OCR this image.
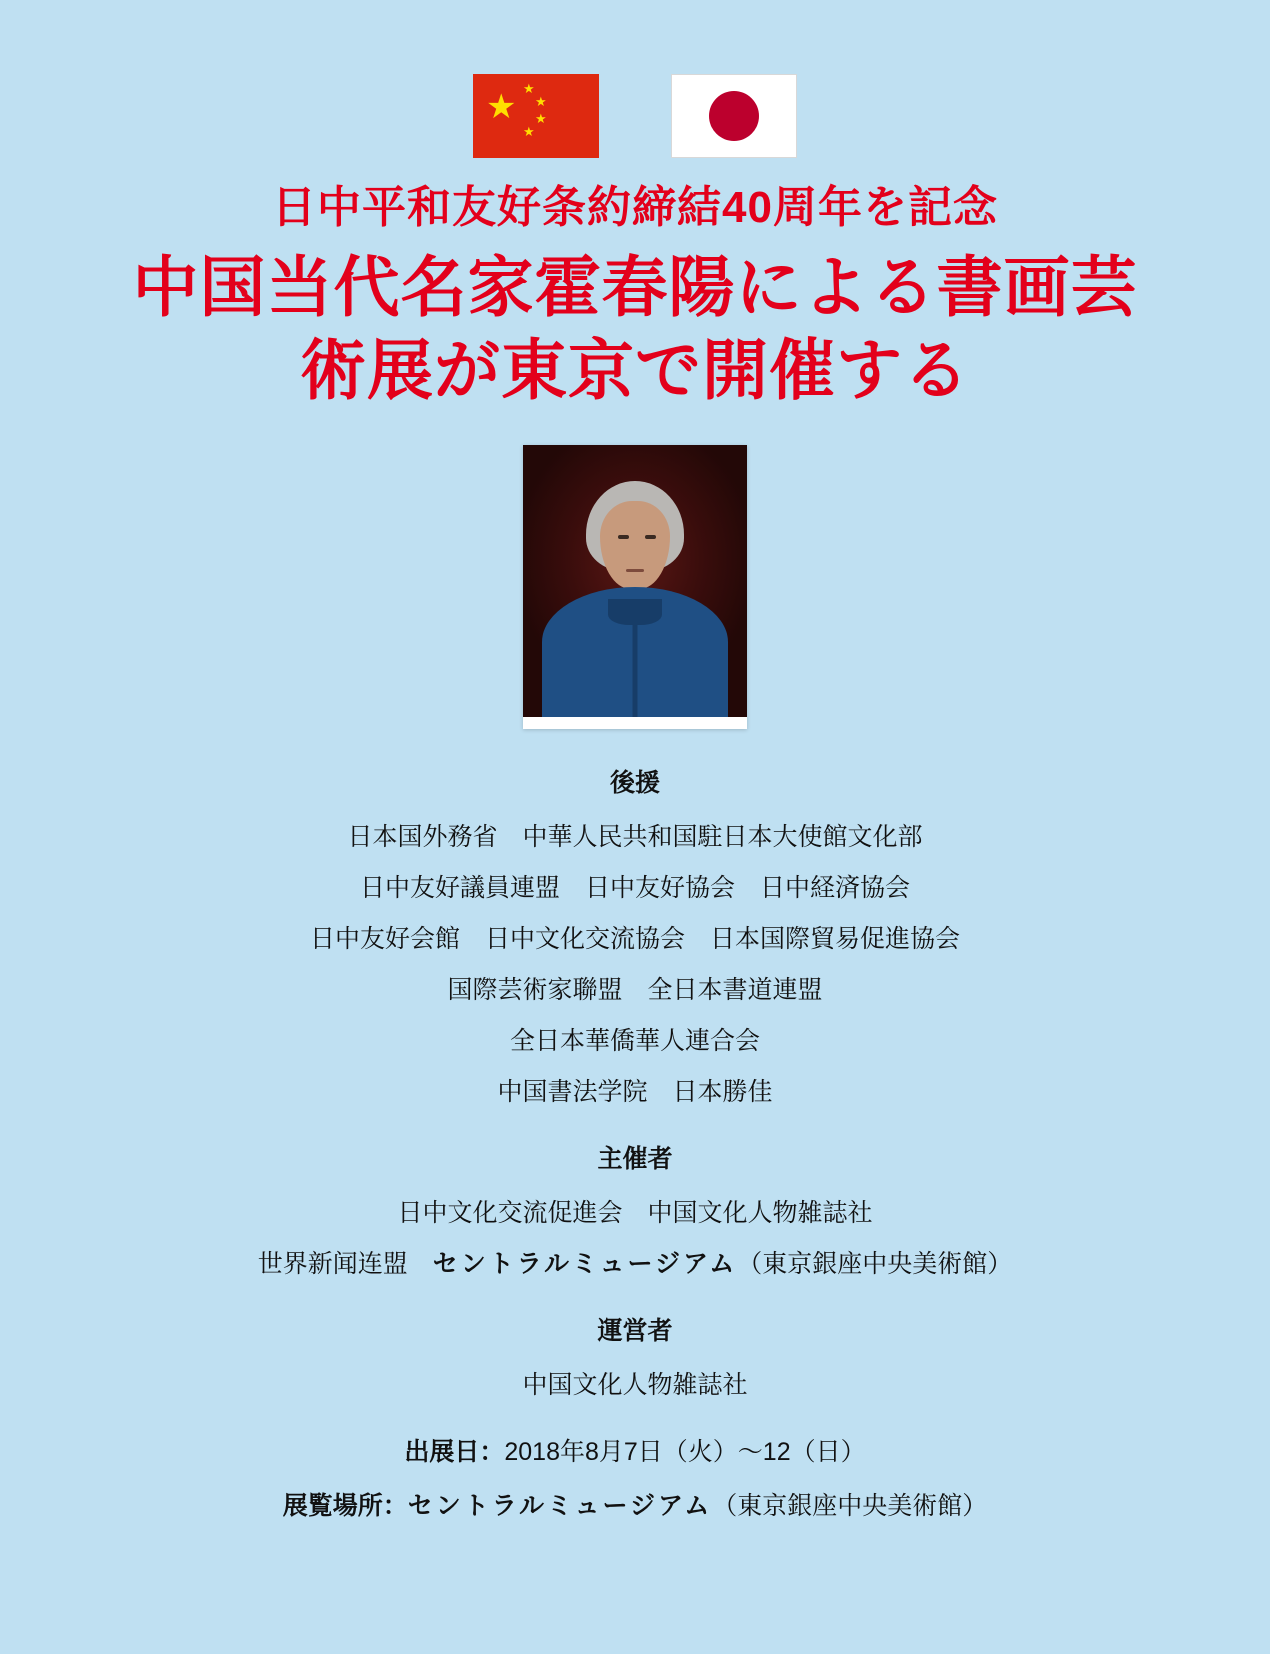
★ ★
★
★
★
日中平和友好条約締結40周年を記念
中国当代名家霍春陽による書画芸
術展が東京で開催する
後援
日本国外務省　中華人民共和国駐日本大使館文化部
日中友好議員連盟　日中友好協会　日中経済協会
日中友好会館　日中文化交流協会　日本国際貿易促進協会
国際芸術家聯盟　全日本書道連盟
全日本華僑華人連合会
中国書法学院　日本勝佳
主催者
日中文化交流促進会　中国文化人物雑誌社
世界新闻连盟　セントラルミュージアム（東京銀座中央美術館）
運営者
中国文化人物雑誌社
出展日：2018年8月7日（火）～12（日）
展覧場所：セントラルミュージアム（東京銀座中央美術館）
